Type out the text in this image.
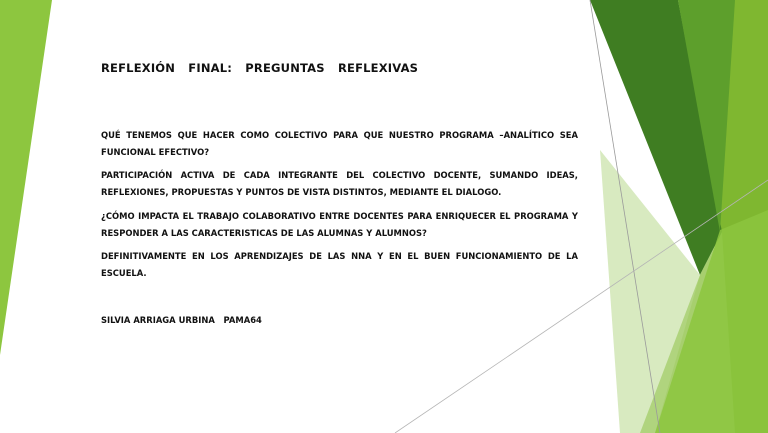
REFLEXIÓN FINAL: PREGUNTAS REFLEXIVAS

QUÉ TENEMOS QUE HACER COMO COLECTIVO PARA QUE NUESTRO PROGRAMA –ANALÍTICO SEA FUNCIONAL EFECTIVO?

PARTICIPACIÓN ACTIVA DE CADA INTEGRANTE DEL COLECTIVO DOCENTE, SUMANDO IDEAS, REFLEXIONES, PROPUESTAS Y PUNTOS DE VISTA DISTINTOS, MEDIANTE EL DIALOGO.

¿CÓMO IMPACTA EL TRABAJO COLABORATIVO ENTRE DOCENTES PARA ENRIQUECER EL PROGRAMA Y RESPONDER A LAS CARACTERISTICAS DE LAS ALUMNAS Y ALUMNOS?

DEFINITIVAMENTE EN LOS APRENDIZAJES DE LAS NNA Y EN EL BUEN FUNCIONAMIENTO DE LA ESCUELA.

SILVIA ARRIAGA URBINA   PAMA64
